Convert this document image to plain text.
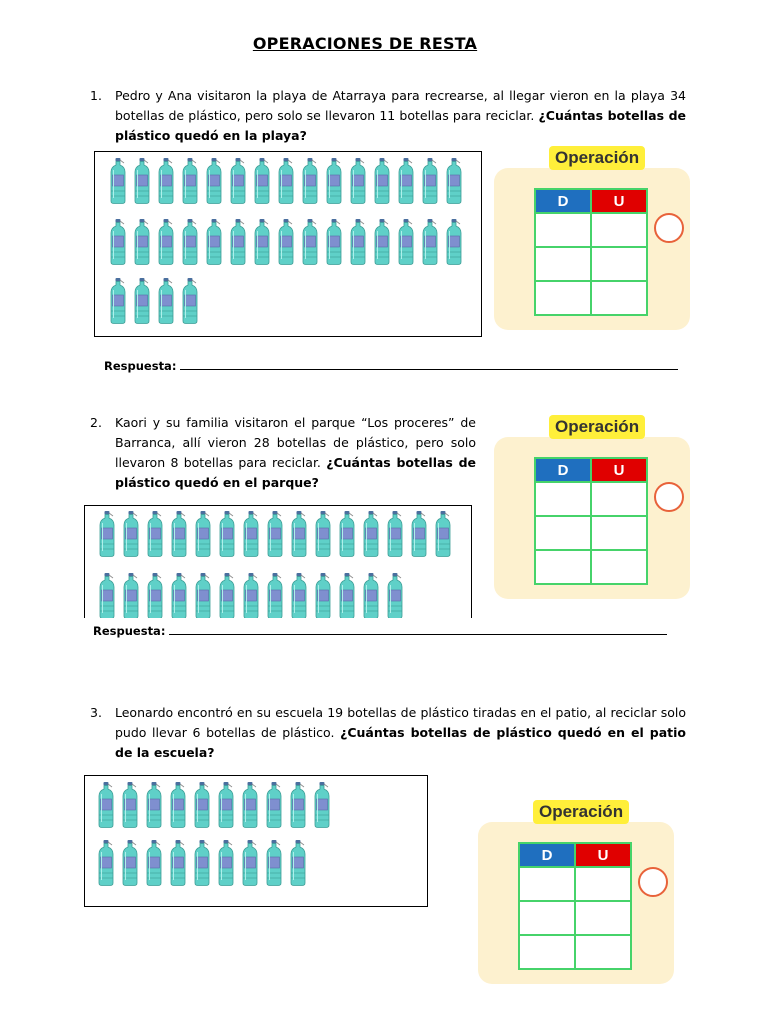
OPERACIONES DE RESTA
1. Pedro y Ana visitaron la playa de Atarraya para recrearse, al llegar vieron en la playa 34 botellas de plástico, pero solo se llevaron 11 botellas para reciclar. ¿Cuántas botellas de plástico quedó en la playa?
Operación
D	U

Respuesta:
2. Kaori y su familia visitaron el parque “Los proceres” de Barranca, allí vieron 28 botellas de plástico, pero solo llevaron 8 botellas para reciclar. ¿Cuántas botellas de plástico quedó en el parque?
Operación
D	U

Respuesta:
3. Leonardo encontró en su escuela 19 botellas de plástico tiradas en el patio, al reciclar solo pudo llevar 6 botellas de plástico. ¿Cuántas botellas de plástico quedó en el patio de la escuela?
Operación
D	U
